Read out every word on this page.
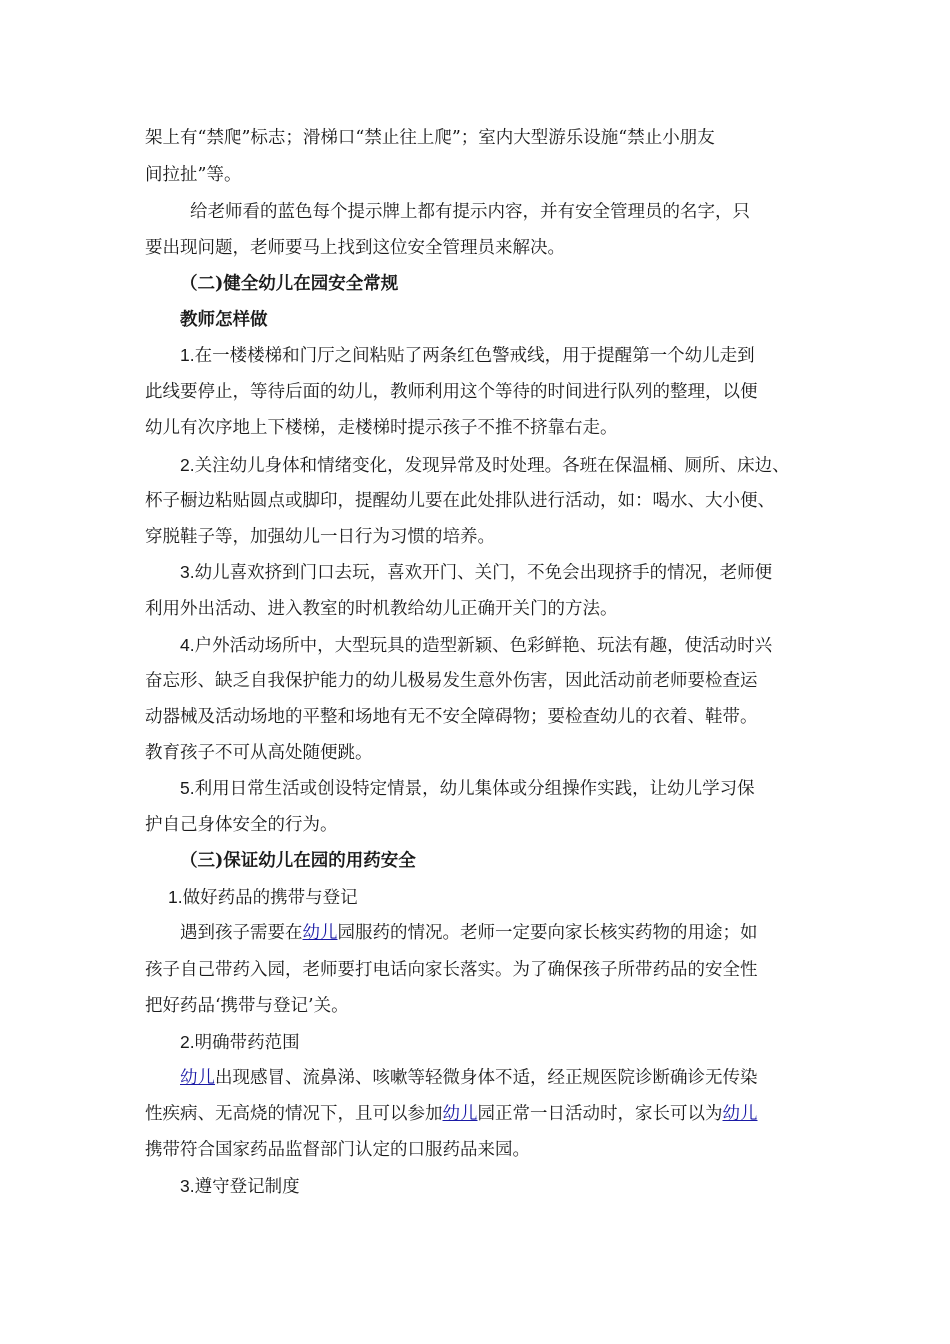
架上有“禁爬”标志；滑梯口“禁止往上爬”；室内大型游乐设施“禁止小朋友
间拉扯”等。
给老师看的蓝色每个提示牌上都有提示内容，并有安全管理员的名字，只
要出现问题，老师要马上找到这位安全管理员来解决。
（二)健全幼儿在园安全常规
教师怎样做
1.在一楼楼梯和门厅之间粘贴了两条红色警戒线，用于提醒第一个幼儿走到
此线要停止，等待后面的幼儿，教师利用这个等待的时间进行队列的整理，以便
幼儿有次序地上下楼梯，走楼梯时提示孩子不推不挤靠右走。
2.关注幼儿身体和情绪变化，发现异常及时处理。各班在保温桶、厕所、床边、
杯子橱边粘贴圆点或脚印，提醒幼儿要在此处排队进行活动，如：喝水、大小便、
穿脱鞋子等，加强幼儿一日行为习惯的培养。
3.幼儿喜欢挤到门口去玩，喜欢开门、关门，不免会出现挤手的情况，老师便
利用外出活动、进入教室的时机教给幼儿正确开关门的方法。
4.户外活动场所中，大型玩具的造型新颖、色彩鲜艳、玩法有趣，使活动时兴
奋忘形、缺乏自我保护能力的幼儿极易发生意外伤害，因此活动前老师要检查运
动器械及活动场地的平整和场地有无不安全障碍物；要检查幼儿的衣着、鞋带。
教育孩子不可从高处随便跳。
5.利用日常生活或创设特定情景，幼儿集体或分组操作实践，让幼儿学习保
护自己身体安全的行为。
（三)保证幼儿在园的用药安全
1.做好药品的携带与登记
遇到孩子需要在幼儿园服药的情况。老师一定要向家长核实药物的用途；如
孩子自己带药入园，老师要打电话向家长落实。为了确保孩子所带药品的安全性
把好药品‘携带与登记’关。
2.明确带药范围
幼儿出现感冒、流鼻涕、咳嗽等轻微身体不适，经正规医院诊断确诊无传染
性疾病、无高烧的情况下，且可以参加幼儿园正常一日活动时，家长可以为幼儿
携带符合国家药品监督部门认定的口服药品来园。
3.遵守登记制度
